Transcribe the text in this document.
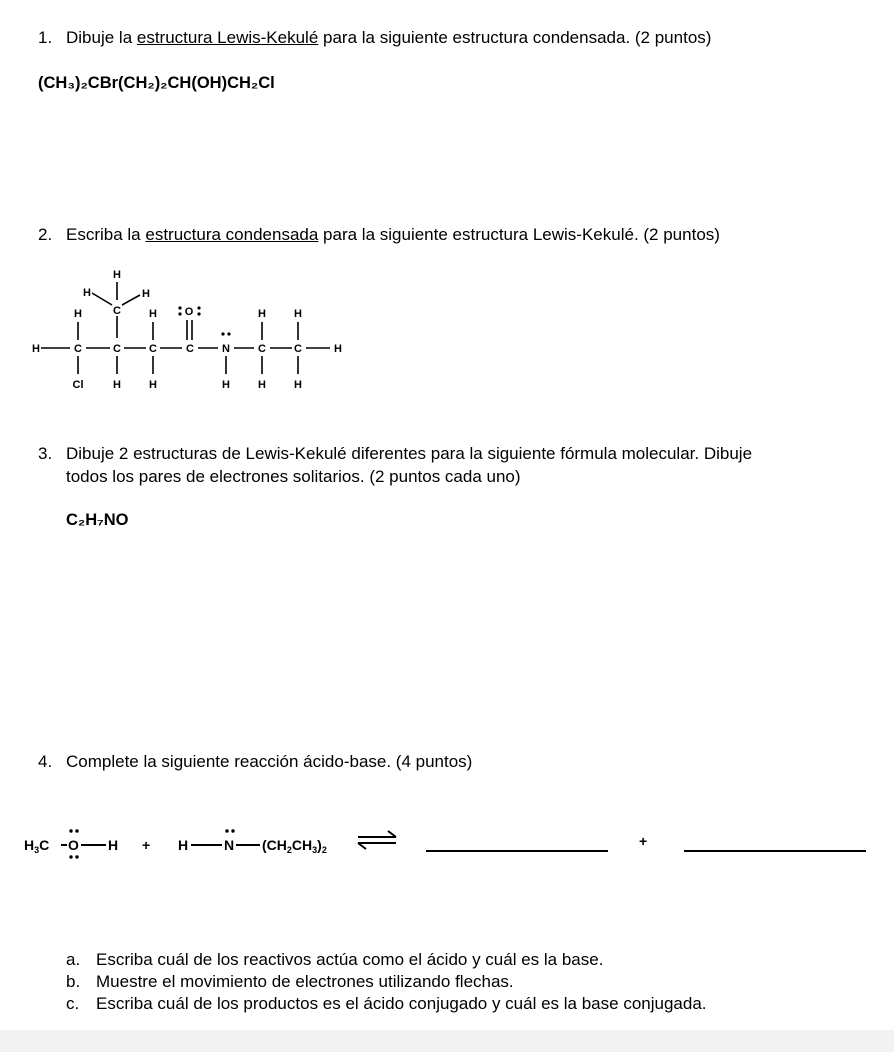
1. Dibuje la estructura Lewis-Kekulé para la siguiente estructura condensada. (2 puntos)
(CH₃)₂CBr(CH₂)₂CH(OH)CH₂Cl
2. Escriba la estructura condensada para la siguiente estructura Lewis-Kekulé. (2 puntos)
H
H	H
C
H	H	O	H	H
H	C	C	C	C	N	C	C	H
Cl	H	H	H	H	H
3. Dibuje 2 estructuras de Lewis-Kekulé diferentes para la siguiente fórmula molecular. Dibuje
todos los pares de electrones solitarios. (2 puntos cada uno)
C₂H₇NO
4. Complete la siguiente reacción ácido-base. (4 puntos)
$H_3C$ O H + H	N $(CH_2CH_3)_2$
+
a. Escriba cuál de los reactivos actúa como el ácido y cuál es la base.
b. Muestre el movimiento de electrones utilizando flechas.
c. Escriba cuál de los productos es el ácido conjugado y cuál es la base conjugada.
